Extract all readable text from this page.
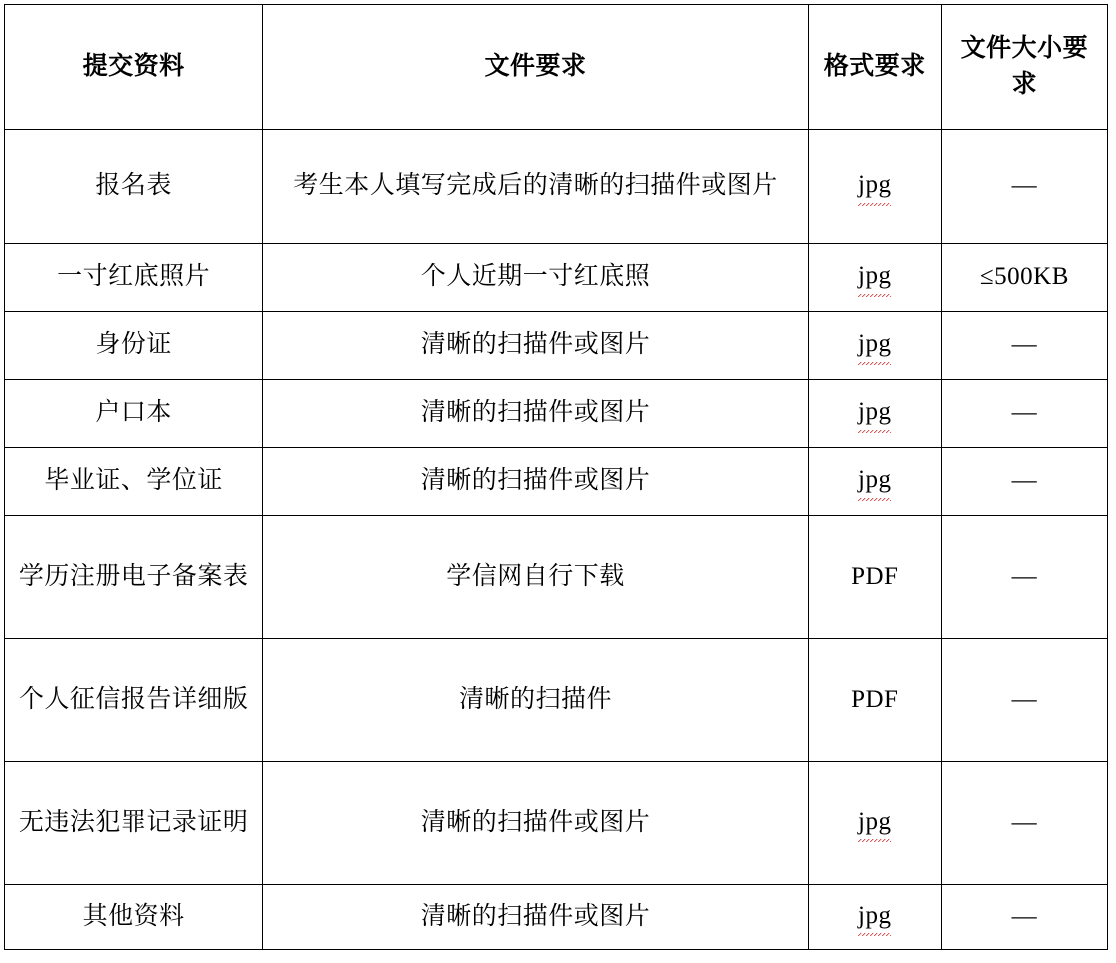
提交资料	文件要求	格式要求	文件大小要求
报名表	考生本人填写完成后的清晰的扫描件或图片	jpg	—
一寸红底照片	个人近期一寸红底照	jpg	≤500KB
身份证	清晰的扫描件或图片	jpg	—
户口本	清晰的扫描件或图片	jpg	—
毕业证、学位证	清晰的扫描件或图片	jpg	—
学历注册电子备案表	学信网自行下载	PDF	—
个人征信报告详细版	清晰的扫描件	PDF	—
无违法犯罪记录证明	清晰的扫描件或图片	jpg	—
其他资料	清晰的扫描件或图片	jpg	—
